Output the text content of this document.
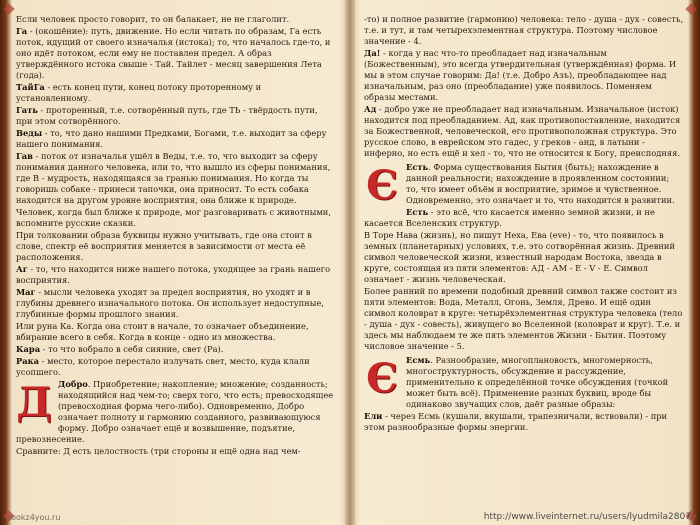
Если человек просто говорит, то он балакает, не не глаголит.

Га - (окошёние): путь, движение. Но если читать по образам, Га есть поток, идущий от своего изначалья (истока); то, что началось где-то, и оно идёт потоком, если ему не поставлен предел. А образ утверждённого истока свыше - Тай. Тайлет - месяц завершения Лета (года).

ТайГа - есть конец пути, конец потоку проторенному и установленному.

Гать - протоpенный, т.е. сотворённый путь, где ТЬ - твёрдость пути, при этом сотворённого.

Веды - то, что дано нашими Предками, Богами, т.е. выходит за сферу нашего понимания.

Гав - поток от изначалья ушёл в Веды, т.е. то, что выходит за сферу понимания данного человека, или то, что вышло из сферы понимания, где В - мудрость, находящаяся за гранью понимания. Но когда ты говоришь собаке - принеси тапочки, она приносит. То есть собака находится на другом уровне восприятия, она ближе к природе.

Человек, когда был ближе к природе, мог разговаривать с животными, вспомните русские сказки.

При толковании образа буквицы нужно учитывать, где она стоит в слове, спектр её восприятия меняется в зависимости от места её расположения.

Аг - то, что находится ниже нашего потока, уходящее за грань нашего восприятия.

Маг - мысли человека уходят за предел восприятия, но уходят и в глубины древнего изначального потока. Он использует недоступные, глубинные формы прошлого знания.

Или руна Ка. Когда она стоит в начале, то означает объединение, вбирание всего в себя. Когда в конце - одно из множества.

Кара - то что вобрало в себя сияние, свет (Ра).

Рака - место, которое перестало излучать свет, место, куда клали усопшего.

Д Добро. Приобретение; накопление; множение; созданность; находящийся над чем-то; сверх того, что есть; превосходящее (превосходная форма чего-либо). Одновременно, Добро означает полноту и гармонию созданного, развивающуюся форму. Добро означает ещё и возвышение, подъятие, превознесение.

Сравните: Д есть целостность (три стороны и ещё одна над чем-

bookz4you.ru

-то) и полное развитие (гармонию) человека: тело - душа - дух - совесть, т.е. и тут, и там четырехэлементная структура. Поэтому числовое значение - 4.

Да! - когда у нас что-то преобладает над изначальным (Божественным), это всегда утвердительная (утверждённая) форма. И мы в этом случае говорим: Да! (т.е. Добро Азъ), преобладающее над изначальным, раз оно (преобладание) уже появилось. Поменяем образы местами.

Ад - добро уже не преобладает над изначальным. Изначальное (исток) находится под преобладанием. Ад, как противопоставление, находится за Божественной, человеческой, его противоположная структура. Это русское слово, в еврейском это гадес, у греков - анд, в латыни - инферно, но есть ещё и хел - то, что не относится к Богу, преисподняя.

Є Есть. Форма существования Бытия (быть); нахождение в данной реальности; нахождение в проявленном состоянии; то, что имеет объём и восприятие, зримое и чувственное. Одновременно, это означает и то, что находится в развитии.

Есть - это всё, что касается именно земной жизни, и не касается Вселенских структур.

В Торе Нава (жизнь), но пишут Неха, Ева (eve) - то, что появилось в земных (планетарных) условиях, т.е. это сотворённая жизнь. Древний символ человеческой жизни, известный народам Востока, звезда в круге, состоящая из пяти элементов: АД - АМ - Е - V - Е. Символ означает - жизнь человеческая.

Более ранний по времени подобный древний символ также состоит из пяти элементов: Вода, Металл, Огонь, Земля, Древо. И ещё один символ коловрат в круге: четырёхэлементная структура человека (тело - душа - дух - совесть), живущего во Вселенной (коловрат и круг). Т.е. и здесь мы наблюдаем те же пять элементов Жизни - Бытия. Поэтому числовое значение - 5.

Є Есмь. Разнообразие, многоплановость, многомерность, многоструктурность, обсуждение и рассуждение, применительно к определённой точке обсуждения (точкой может быть всё). Применение разных буквиц, вроде бы одинаково звучащих слов, даёт разные образы:

Ели - через Есмь (кушали, вкушали, трапезничали, вствовали) - при этом разнообразные формы энергии.

http://www.liveinternet.ru/users/lyudmila2807/
